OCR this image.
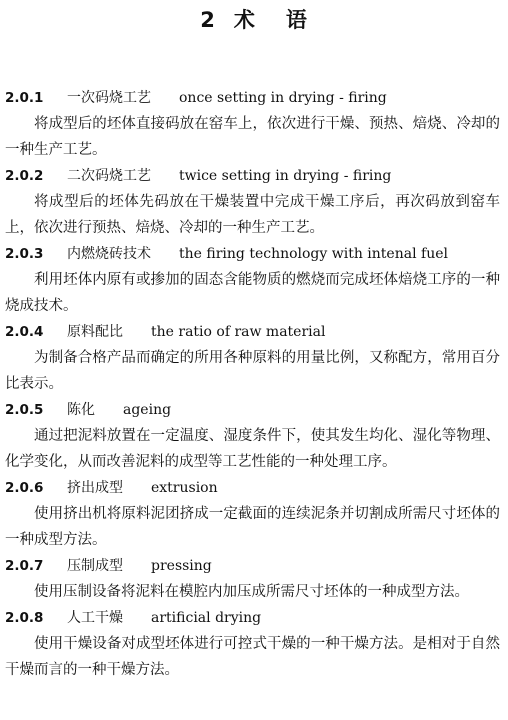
2 术 语
2.0.1 一次码烧工艺 once setting in drying - firing

将成型后的坯体直接码放在窑车上，依次进行干燥、预热、焙烧、冷却的一种生产工艺。

2.0.2 二次码烧工艺 twice setting in drying - firing

将成型后的坯体先码放在干燥装置中完成干燥工序后，再次码放到窑车上，依次进行预热、焙烧、冷却的一种生产工艺。

2.0.3 内燃烧砖技术 the firing technology with intenal fuel

利用坯体内原有或掺加的固态含能物质的燃烧而完成坯体焙烧工序的一种烧成技术。

2.0.4 原料配比 the ratio of raw material

为制备合格产品而确定的所用各种原料的用量比例，又称配方，常用百分比表示。

2.0.5 陈化 ageing

通过把泥料放置在一定温度、湿度条件下，使其发生均化、湿化等物理、化学变化，从而改善泥料的成型等工艺性能的一种处理工序。

2.0.6 挤出成型 extrusion

使用挤出机将原料泥团挤成一定截面的连续泥条并切割成所需尺寸坯体的一种成型方法。

2.0.7 压制成型 pressing

使用压制设备将泥料在模腔内加压成所需尺寸坯体的一种成型方法。

2.0.8 人工干燥 artificial drying

使用干燥设备对成型坯体进行可控式干燥的一种干燥方法。是相对于自然干燥而言的一种干燥方法。
